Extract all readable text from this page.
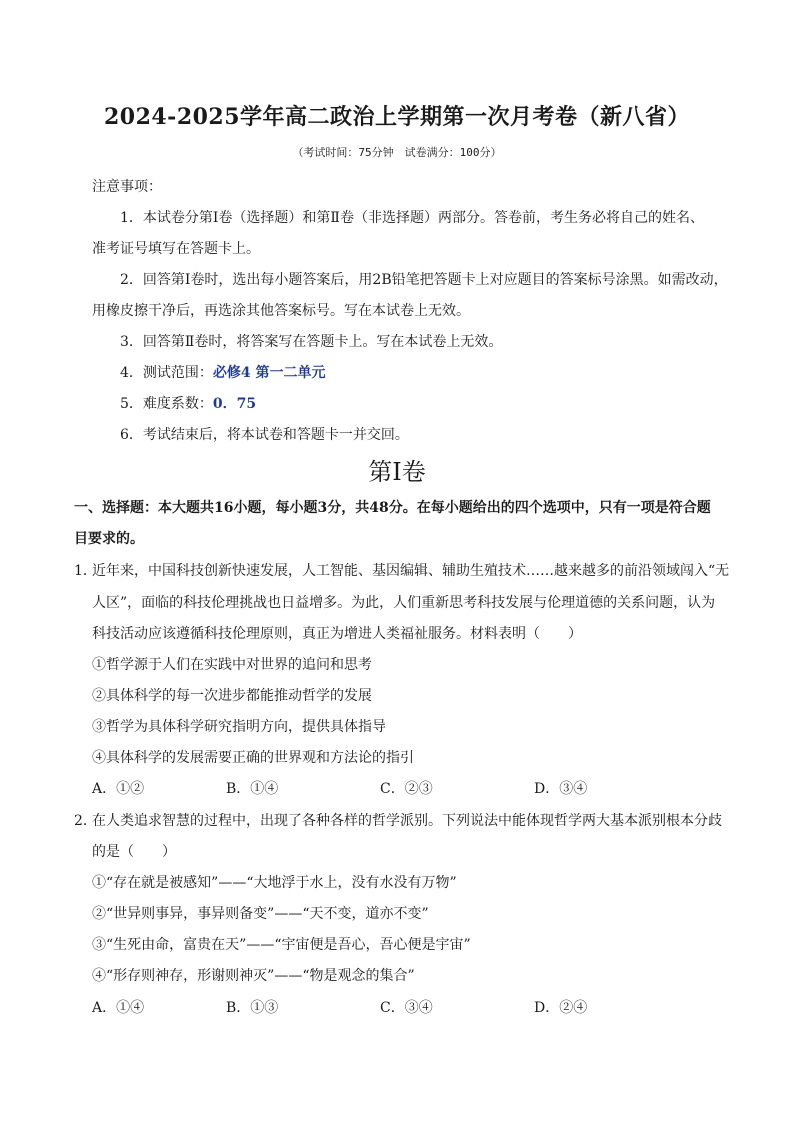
2024-2025学年高二政治上学期第一次月考卷（新八省）
（考试时间：75分钟　试卷满分：100分）
注意事项：
1．本试卷分第Ⅰ卷（选择题）和第Ⅱ卷（非选择题）两部分。答卷前，考生务必将自己的姓名、
准考证号填写在答题卡上。
2．回答第Ⅰ卷时，选出每小题答案后，用2B铅笔把答题卡上对应题目的答案标号涂黑。如需改动，
用橡皮擦干净后，再选涂其他答案标号。写在本试卷上无效。
3．回答第Ⅱ卷时，将答案写在答题卡上。写在本试卷上无效。
4．测试范围：必修4 第一二单元
5．难度系数：0．75
6．考试结束后，将本试卷和答题卡一并交回。
第Ⅰ卷
一、选择题：本大题共16小题，每小题3分，共48分。在每小题给出的四个选项中，只有一项是符合题
目要求的。
1．
近年来，中国科技创新快速发展，人工智能、基因编辑、辅助生殖技术……越来越多的前沿领域闯入“无
人区”，面临的科技伦理挑战也日益增多。为此，人们重新思考科技发展与伦理道德的关系问题，认为
科技活动应该遵循科技伦理原则，真正为增进人类福祉服务。材料表明（　　）
①哲学源于人们在实践中对世界的追问和思考
②具体科学的每一次进步都能推动哲学的发展
③哲学为具体科学研究指明方向，提供具体指导
④具体科学的发展需要正确的世界观和方法论的指引
A．①②	B．①④	C．②③	D．③④
2．
在人类追求智慧的过程中，出现了各种各样的哲学派别。下列说法中能体现哲学两大基本派别根本分歧
的是（　　）
①“存在就是被感知”——“大地浮于水上，没有水没有万物”
②“世异则事异，事异则备变”——“天不变，道亦不变”
③“生死由命，富贵在天”——“宇宙便是吾心，吾心便是宇宙”
④“形存则神存，形谢则神灭”——“物是观念的集合”
A．①④	B．①③	C．③④	D．②④
